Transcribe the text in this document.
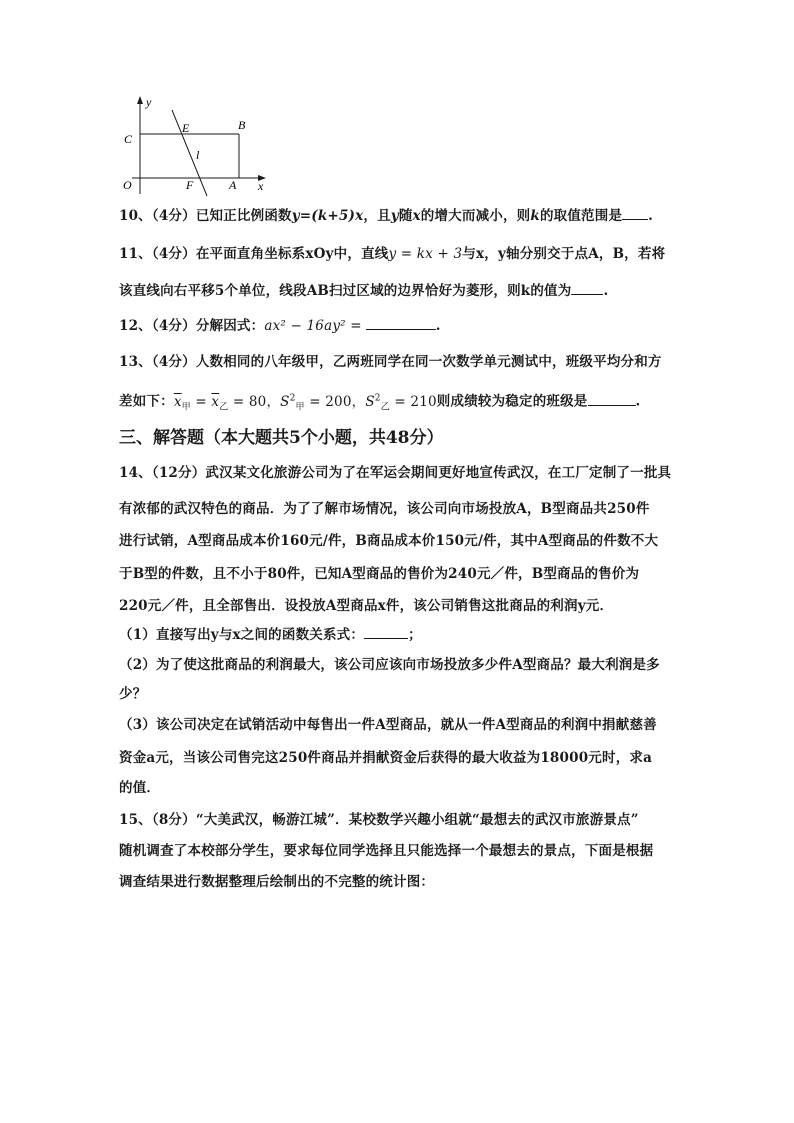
y
C
E	B
l
O	F	A x
10、（4分）已知正比例函数y=(k+5)x，且y随x的增大而减小，则k的取值范围是 .
11、（4分）在平面直角坐标系xOy中，直线y = kx + 3与x，y轴分别交于点A，B，若将
该直线向右平移5个单位，线段AB扫过区域的边界恰好为菱形，则k的值为 .
12、（4分）分解因式：ax² − 16ay² =	.
13、（4分）人数相同的八年级甲，乙两班同学在同一次数学单元测试中，班级平均分和方
差如下：$\overline{x}_甲 = \overline{x}_乙 = 80$，$S^2_甲 = 200$，$S^2_乙 = 210$则成绩较为稳定的班级是	.
三、解答题（本大题共5个小题，共48分）
14、（12分）武汉某文化旅游公司为了在军运会期间更好地宣传武汉，在工厂定制了一批具
有浓郁的武汉特色的商品．为了了解市场情况，该公司向市场投放A，B型商品共250件
进行试销，A型商品成本价160元/件，B商品成本价150元/件，其中A型商品的件数不大
于B型的件数，且不小于80件，已知A型商品的售价为240元／件，B型商品的售价为
220元／件，且全部售出．设投放A型商品x件，该公司销售这批商品的利润y元．
（1）直接写出y与x之间的函数关系式：	；
（2）为了使这批商品的利润最大，该公司应该向市场投放多少件A型商品？最大利润是多
少？
（3）该公司决定在试销活动中每售出一件A型商品，就从一件A型商品的利润中捐献慈善
资金a元，当该公司售完这250件商品并捐献资金后获得的最大收益为18000元时，求a
的值．
15、（8分）“大美武汉，畅游江城”．某校数学兴趣小组就“最想去的武汉市旅游景点”
随机调查了本校部分学生，要求每位同学选择且只能选择一个最想去的景点，下面是根据
调查结果进行数据整理后绘制出的不完整的统计图：
